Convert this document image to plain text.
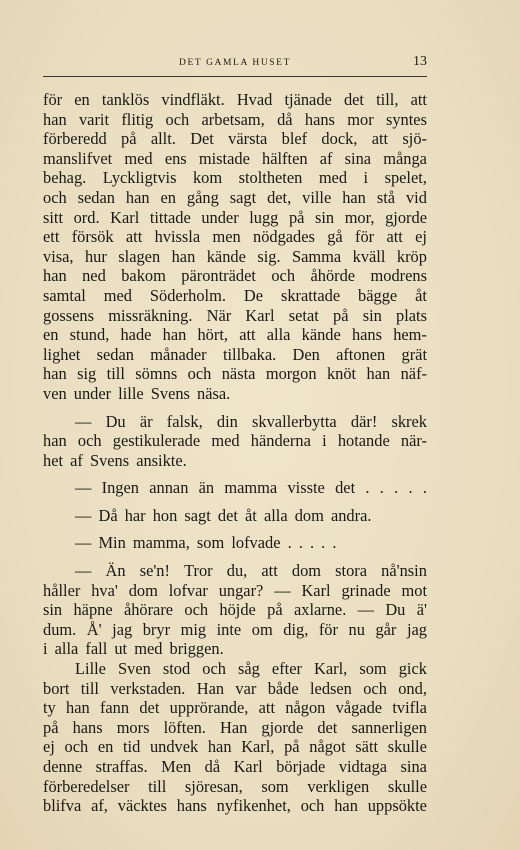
DET GAMLA HUSET	13
för en tanklös vindfläkt. Hvad tjänade det till, att
han varit flitig och arbetsam, då hans mor syntes
förberedd på allt. Det värsta blef dock, att sjö-
manslifvet med ens mistade hälften af sina många
behag. Lyckligtvis kom stoltheten med i spelet,
och sedan han en gång sagt det, ville han stå vid
sitt ord. Karl tittade under lugg på sin mor, gjorde
ett försök att hvissla men nödgades gå för att ej
visa, hur slagen han kände sig. Samma kväll kröp
han ned bakom päronträdet och åhörde modrens
samtal med Söderholm. De skrattade bägge åt
gossens missräkning. När Karl setat på sin plats
en stund, hade han hört, att alla kände hans hem-
lighet sedan månader tillbaka. Den aftonen grät
han sig till sömns och nästa morgon knöt han näf-
ven under lille Svens näsa.
— Du är falsk, din skvallerbytta där! skrek
han och gestikulerade med händerna i hotande när-
het af Svens ansikte.
— Ingen annan än mamma visste det . . . . .
— Då har hon sagt det åt alla dom andra.
— Min mamma, som lofvade . . . . .
— Än se'n! Tror du, att dom stora nå'nsin
håller hva' dom lofvar ungar? — Karl grinade mot
sin häpne åhörare och höjde på axlarne. — Du ä'
dum. Å' jag bryr mig inte om dig, för nu går jag
i alla fall ut med briggen.
Lille Sven stod och såg efter Karl, som gick
bort till verkstaden. Han var både ledsen och ond,
ty han fann det upprörande, att någon vågade tvifla
på hans mors löften. Han gjorde det sannerligen
ej och en tid undvek han Karl, på något sätt skulle
denne straffas. Men då Karl började vidtaga sina
förberedelser till sjöresan, som verkligen skulle
blifva af, väcktes hans nyfikenhet, och han uppsökte
